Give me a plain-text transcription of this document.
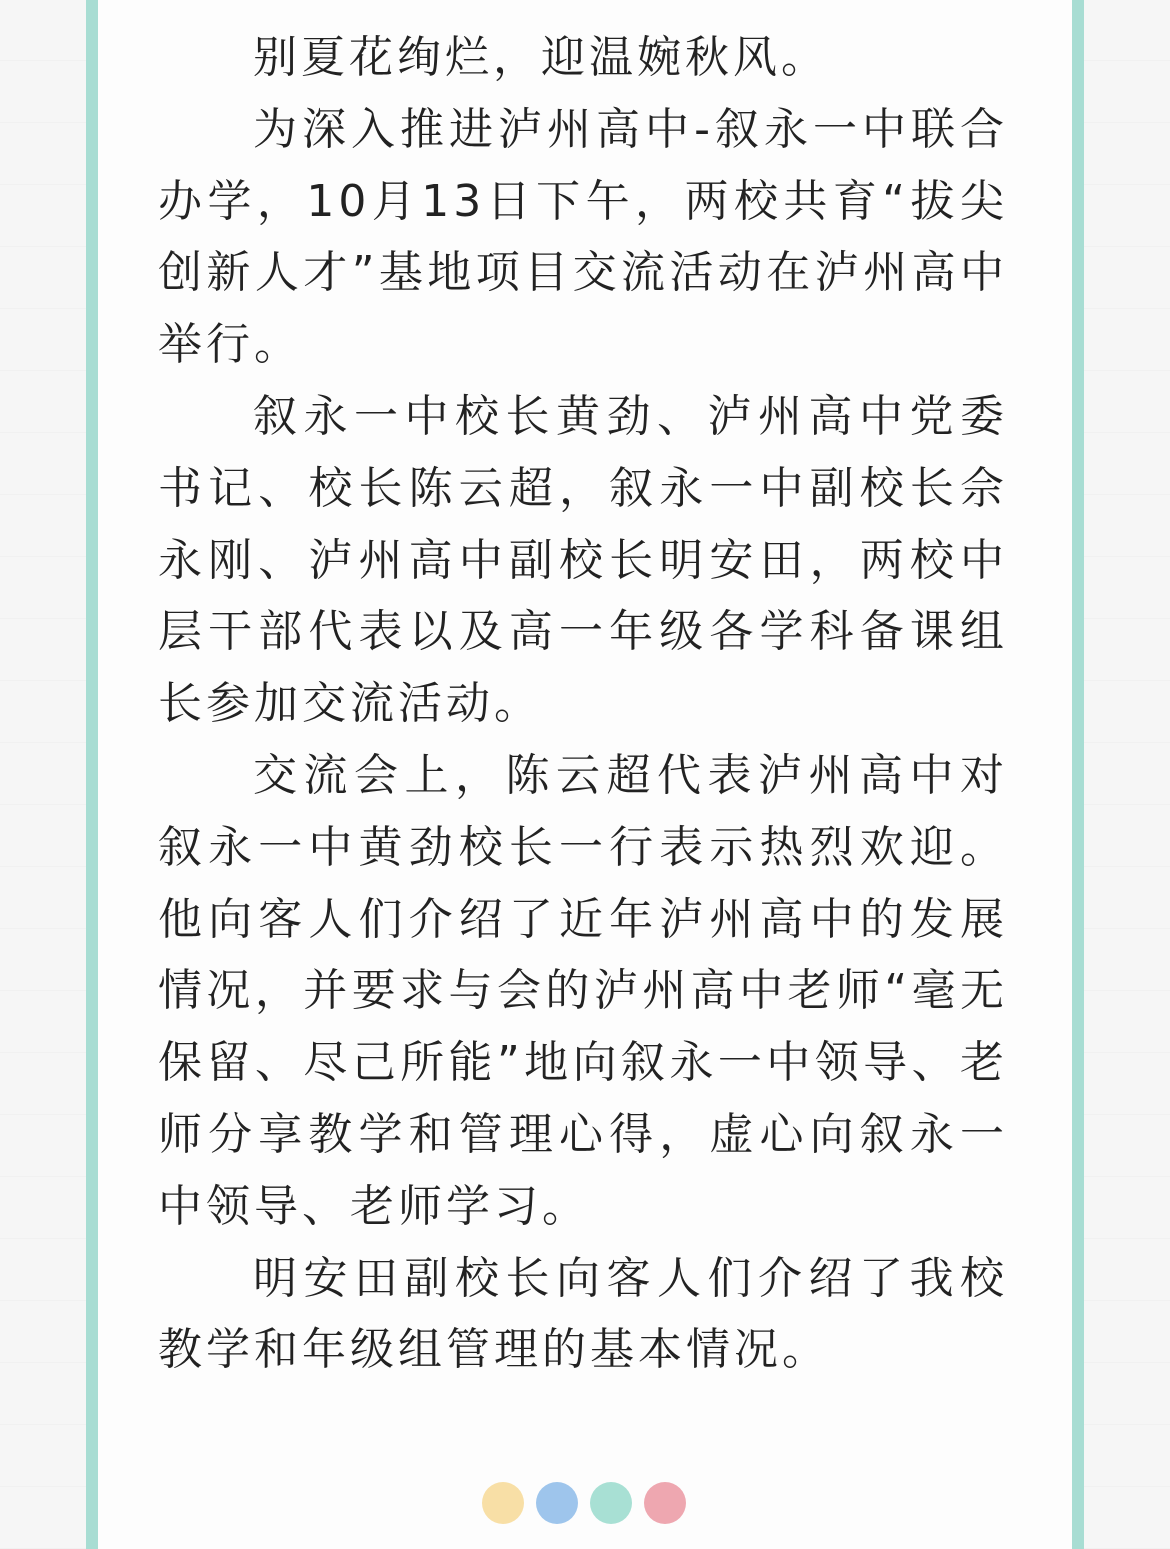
别夏花绚烂，迎温婉秋风。

为深入推进泸州高中-叙永一中联合办学，10月13日下午，两校共育“拔尖创新人才”基地项目交流活动在泸州高中举行。

叙永一中校长黄劲、泸州高中党委书记、校长陈云超，叙永一中副校长佘永刚、泸州高中副校长明安田，两校中层干部代表以及高一年级各学科备课组长参加交流活动。

交流会上，陈云超代表泸州高中对叙永一中黄劲校长一行表示热烈欢迎。他向客人们介绍了近年泸州高中的发展情况，并要求与会的泸州高中老师“毫无保留、尽己所能”地向叙永一中领导、老师分享教学和管理心得，虚心向叙永一中领导、老师学习。

明安田副校长向客人们介绍了我校教学和年级组管理的基本情况。
